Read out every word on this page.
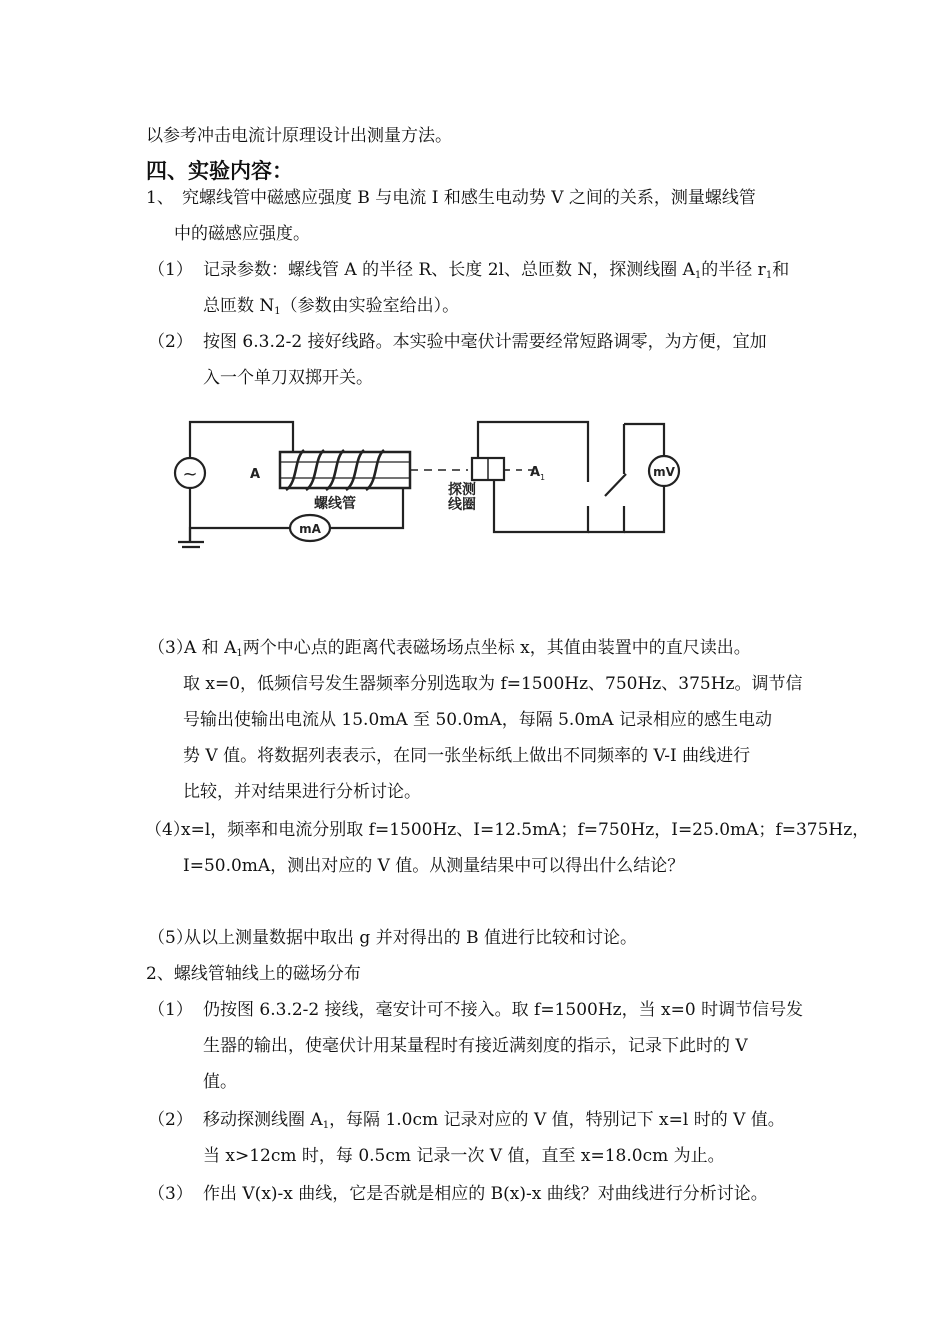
以参考冲击电流计原理设计出测量方法。

四、实验内容：

1、 究螺线管中磁感应强度 B 与电流 I 和感生电动势 V 之间的关系，测量螺线管

中的磁感应强度。

（1） 记录参数：螺线管 A 的半径 R、长度 2l、总匝数 N，探测线圈 $A_1$的半径 $r_1$和

总匝数 $N_1$（参数由实验室给出）。

（2） 按图 6.3.2-2 接好线路。本实验中毫伏计需要经常短路调零，为方便，宜加

入一个单刀双掷开关。

~
mA
mV
A
螺线管
探测
线圈
A 1

（3）A 和 $A_1$两个中心点的距离代表磁场场点坐标 x，其值由装置中的直尺读出。

取 x=0，低频信号发生器频率分别选取为 f=1500Hz、750Hz、375Hz。调节信

号输出使输出电流从 15.0mA 至 50.0mA，每隔 5.0mA 记录相应的感生电动

势 V 值。将数据列表表示，在同一张坐标纸上做出不同频率的 V-I 曲线进行

比较，并对结果进行分析讨论。

（4）x=l，频率和电流分别取 f=1500Hz、I=12.5mA；f=750Hz，I=25.0mA；f=375Hz，

I=50.0mA，测出对应的 V 值。从测量结果中可以得出什么结论？

（5）从以上测量数据中取出 g 并对得出的 B 值进行比较和讨论。

2、螺线管轴线上的磁场分布

（1） 仍按图 6.3.2-2 接线，毫安计可不接入。取 f=1500Hz，当 x=0 时调节信号发

生器的输出，使毫伏计用某量程时有接近满刻度的指示，记录下此时的 V

值。

（2） 移动探测线圈 $A_1$，每隔 1.0cm 记录对应的 V 值，特别记下 x=l 时的 V 值。

当 x>12cm 时，每 0.5cm 记录一次 V 值，直至 x=18.0cm 为止。

（3） 作出 V(x)-x 曲线，它是否就是相应的 B(x)-x 曲线？对曲线进行分析讨论。
